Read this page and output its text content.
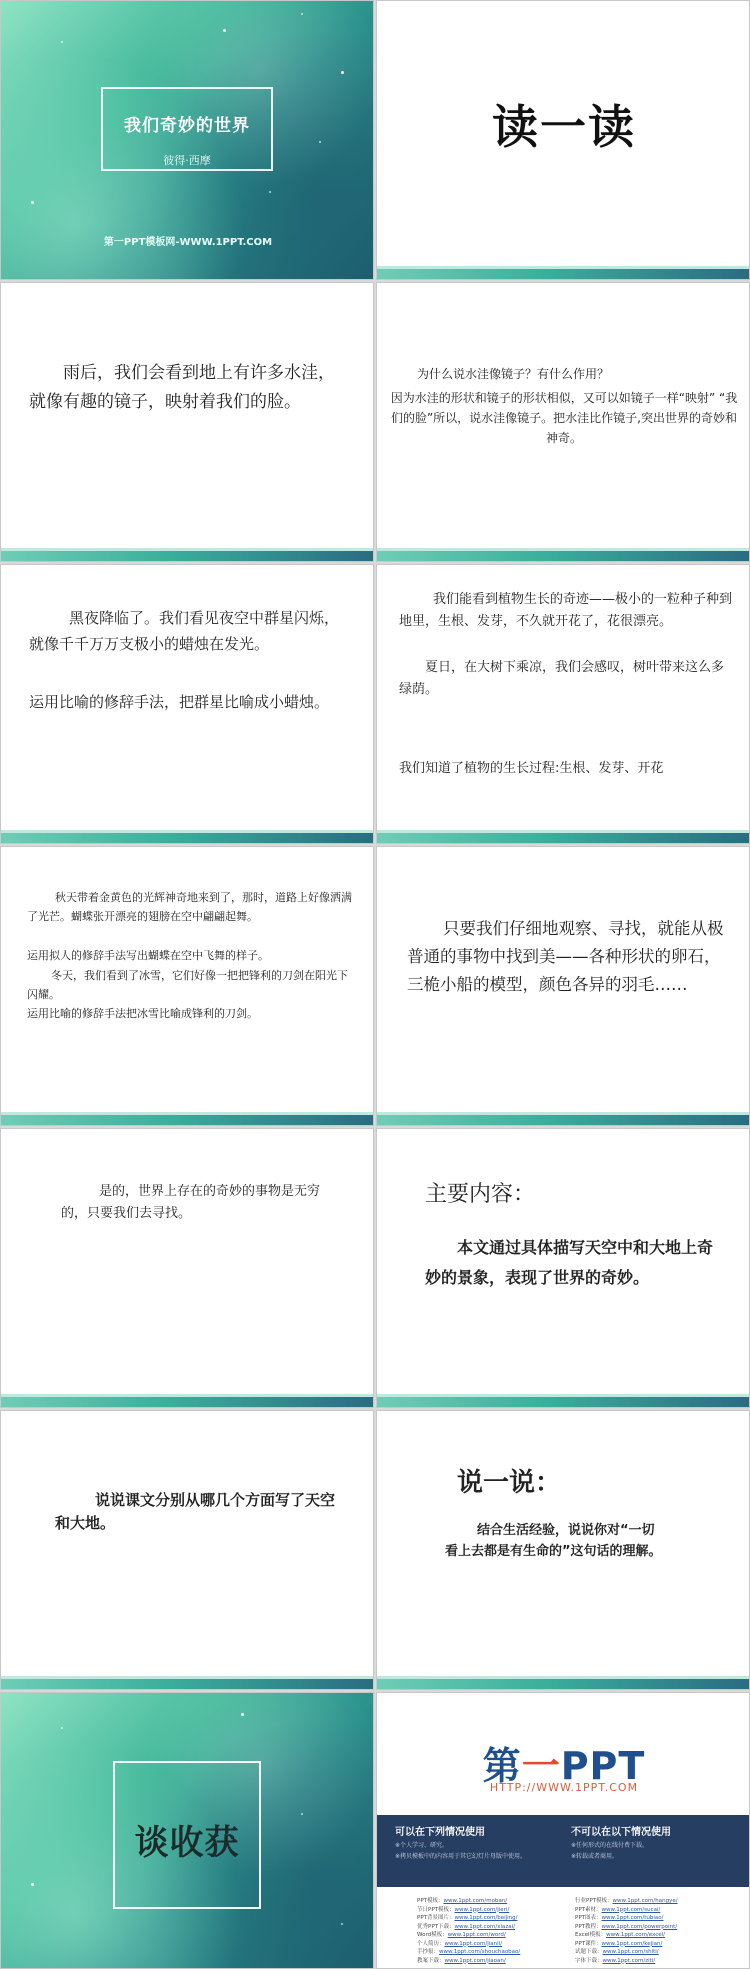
我们奇妙的世界
彼得·西摩
第一PPT模板网-WWW.1PPT.COM
读一读
雨后，我们会看到地上有许多水洼，就像有趣的镜子，映射着我们的脸。
为什么说水洼像镜子？有什么作用？
因为水洼的形状和镜子的形状相似，又可以如镜子一样“映射” “我们的脸”所以，说水洼像镜子。把水洼比作镜子,突出世界的奇妙和神奇。
黑夜降临了。我们看见夜空中群星闪烁，就像千千万万支极小的蜡烛在发光。
运用比喻的修辞手法，把群星比喻成小蜡烛。
我们能看到植物生长的奇迹——极小的一粒种子种到地里，生根、发芽，不久就开花了，花很漂亮。
夏日，在大树下乘凉，我们会感叹，树叶带来这么多绿荫。
我们知道了植物的生长过程:生根、发芽、开花
秋天带着金黄色的光辉神奇地来到了，那时，道路上好像洒满了光芒。蝴蝶张开漂亮的翅膀在空中翩翩起舞。
运用拟人的修辞手法写出蝴蝶在空中飞舞的样子。
冬天，我们看到了冰雪，它们好像一把把锋利的刀剑在阳光下闪耀。
运用比喻的修辞手法把冰雪比喻成锋利的刀剑。
只要我们仔细地观察、寻找，就能从极普通的事物中找到美——各种形状的卵石，三桅小船的模型，颜色各异的羽毛……
是的，世界上存在的奇妙的事物是无穷的，只要我们去寻找。
主要内容：
本文通过具体描写天空中和大地上奇妙的景象，表现了世界的奇妙。
说说课文分别从哪几个方面写了天空和大地。
说一说：
结合生活经验，说说你对“一切看上去都是有生命的”这句话的理解。
谈收获
第一PPT
HTTP://WWW.1PPT.COM
可以在下列情况使用
※个人学习、研究。
※拷贝模板中的内容用于其它幻灯片母版中使用。
不可以在以下情况使用
※任何形式的在线付费下载。
※转载或者商用。
PPT模板：www.1ppt.com/moban/
节日PPT模板：www.1ppt.com/jieri/
PPT背景图片：www.1ppt.com/beijing/
优秀PPT下载：www.1ppt.com/xiazai/
Word模板：www.1ppt.com/word/
个人简历：www.1ppt.com/jianli/
手抄报：www.1ppt.com/shouchaobao/
教案下载：www.1ppt.com/jiaoan/
行业PPT模板：www.1ppt.com/hangye/
PPT素材：www.1ppt.com/sucai/
PPT图表：www.1ppt.com/tubiao/
PPT教程：www.1ppt.com/powerpoint/
Excel模板：www.1ppt.com/excel/
PPT课件：www.1ppt.com/kejian/
试题下载：www.1ppt.com/shiti/
字体下载：www.1ppt.com/ziti/
